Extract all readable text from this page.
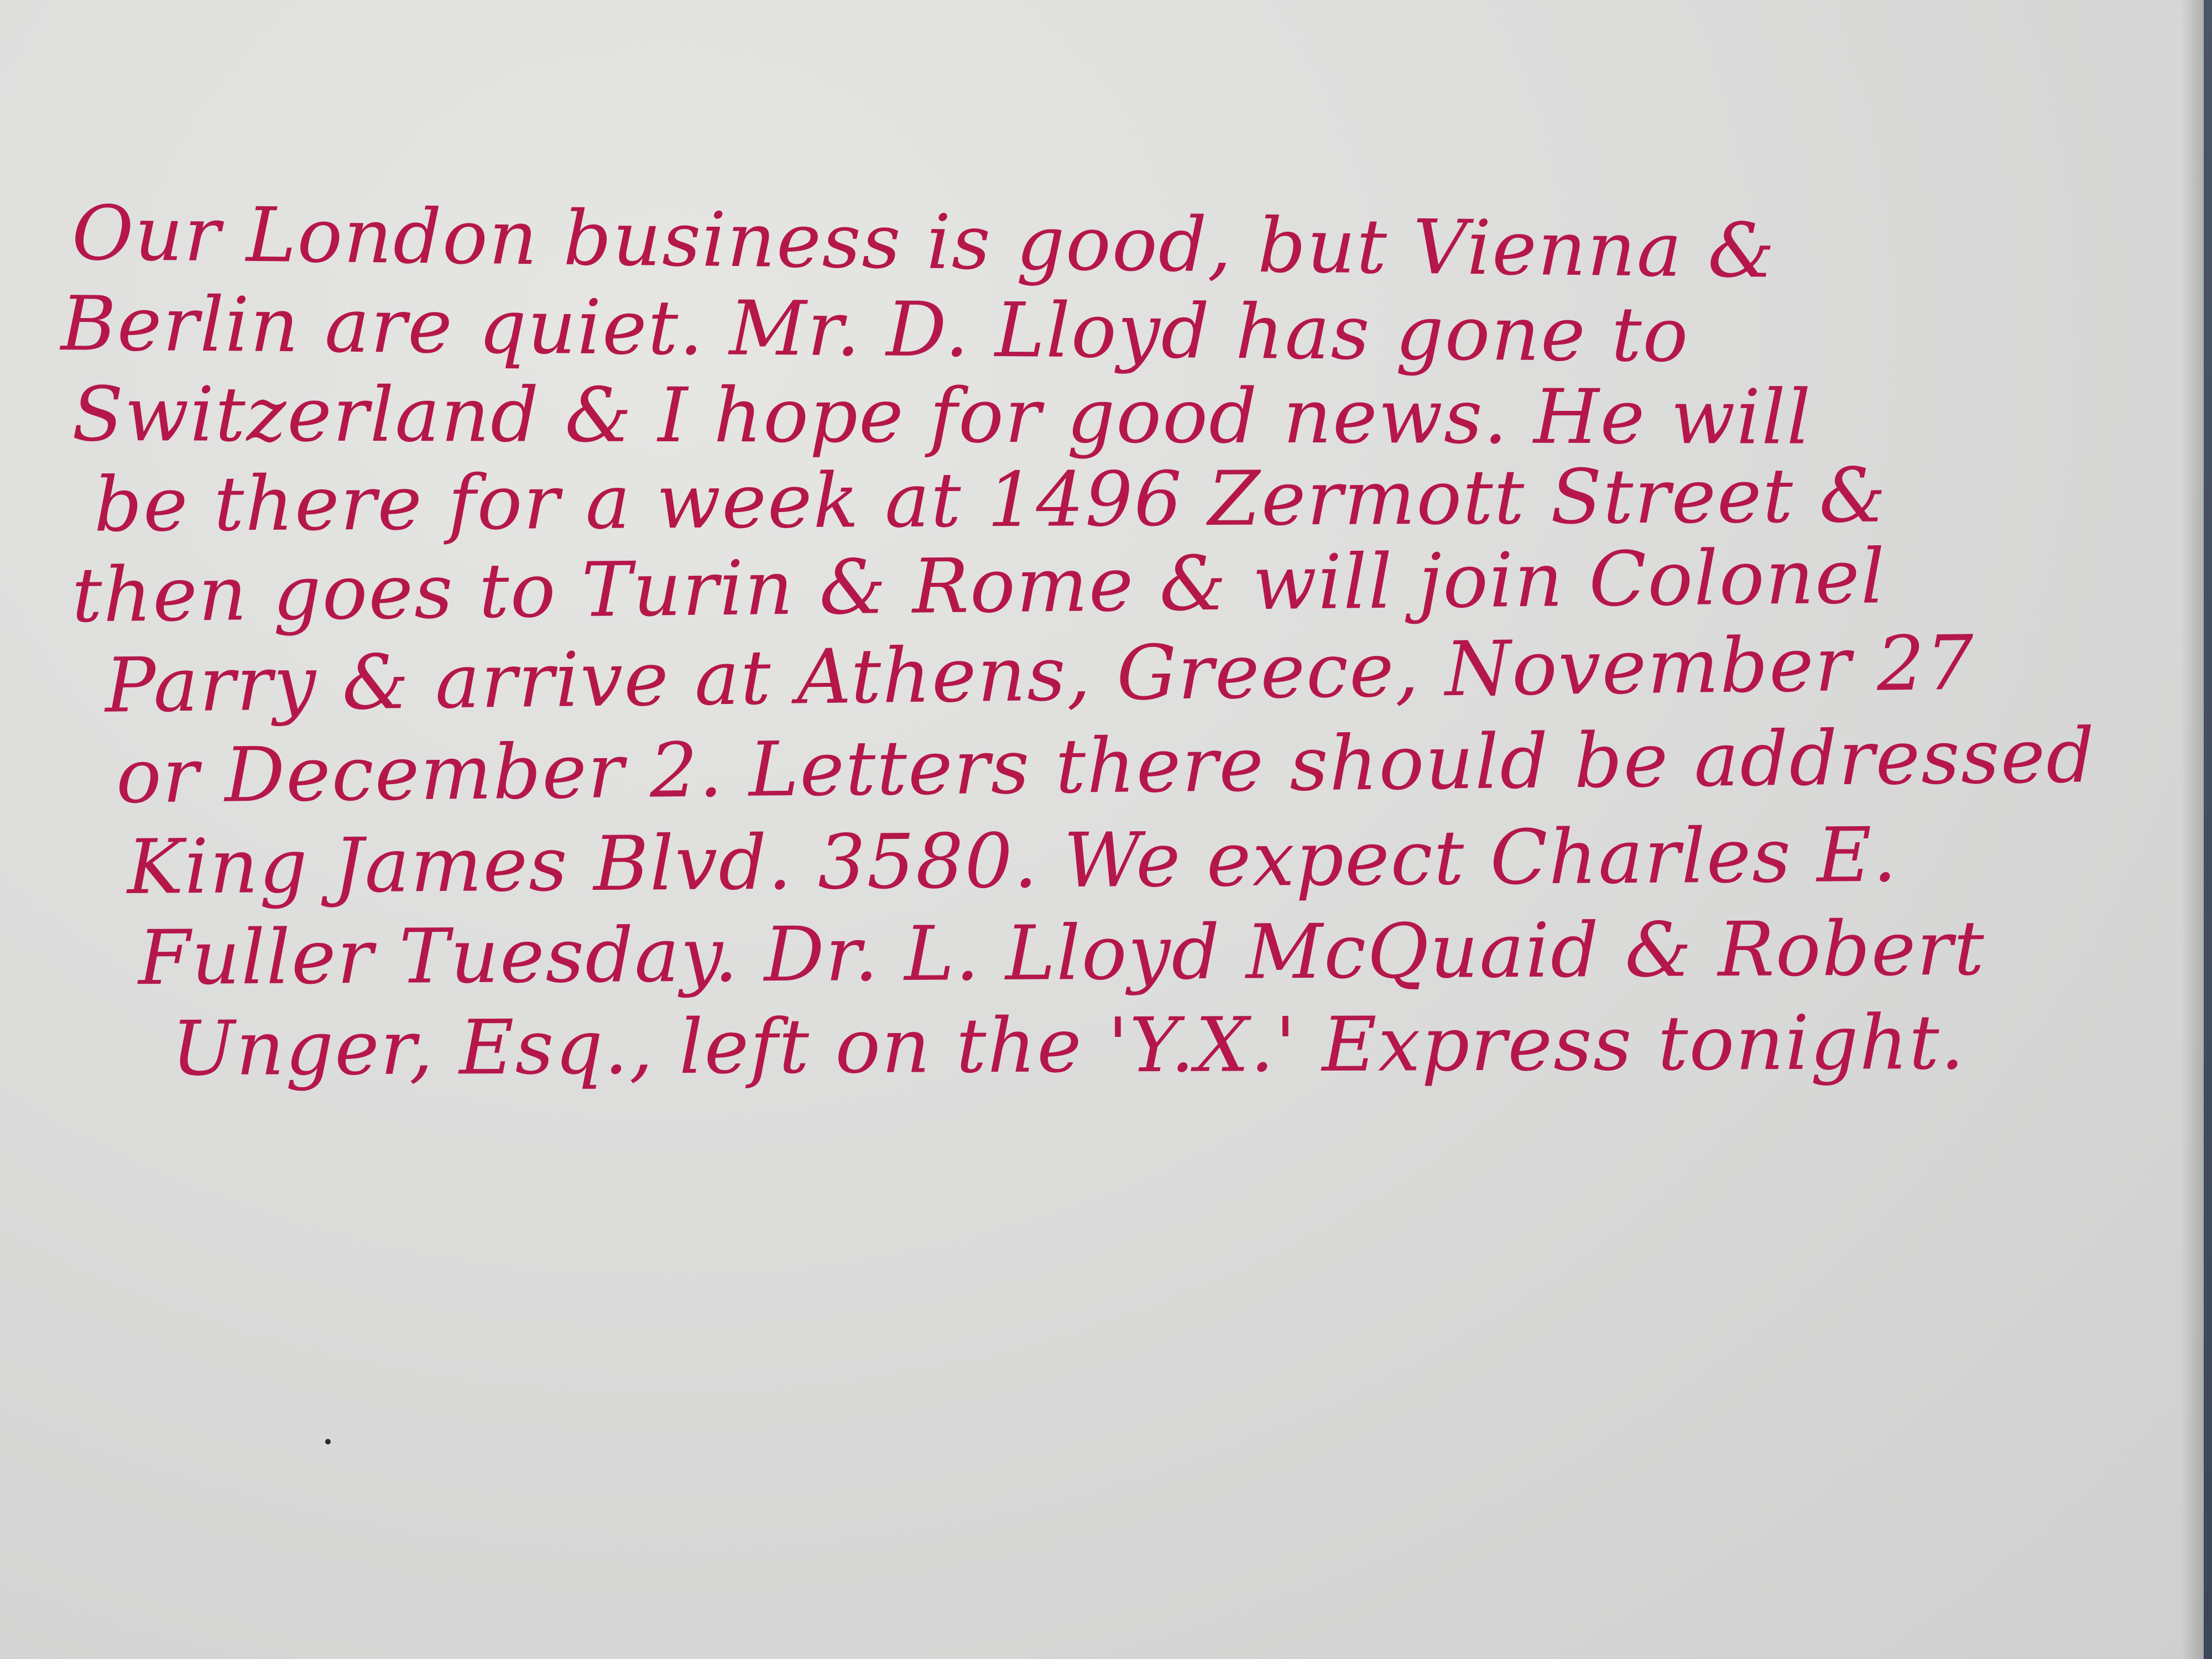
Our London business is good, but Vienna &
Berlin are quiet. Mr. D. Lloyd has gone to
Switzerland & I hope for good news. He will
be there for a week at 1496 Zermott Street &
then goes to Turin & Rome & will join Colonel
Parry & arrive at Athens, Greece, November 27
or December 2. Letters there should be addressed
King James Blvd. 3580. We expect Charles E.
Fuller Tuesday. Dr. L. Lloyd McQuaid & Robert
Unger, Esq., left on the 'Y.X.' Express tonight.
